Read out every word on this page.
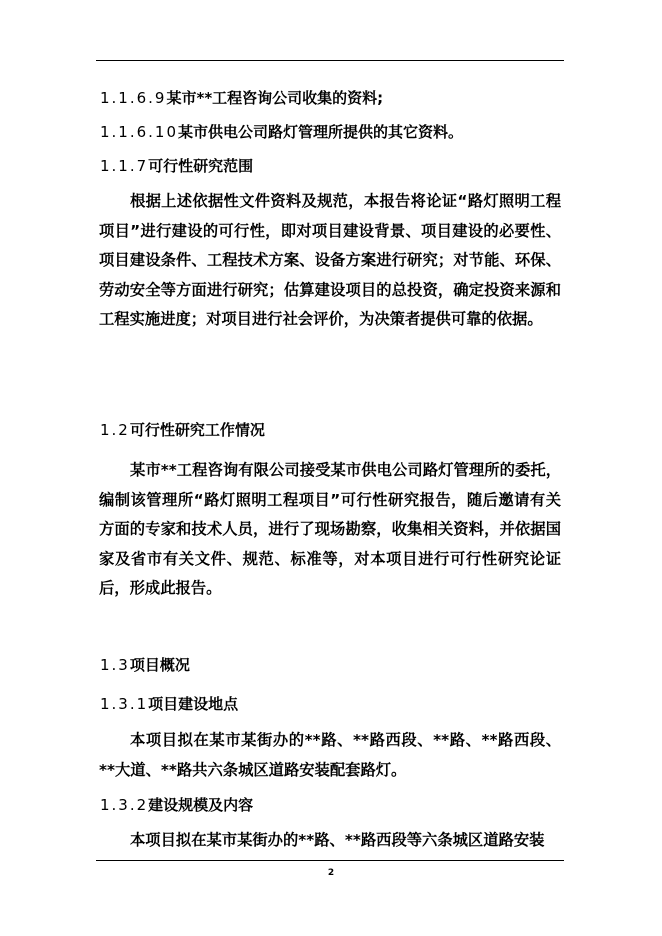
1.1.6.9某市**工程咨询公司收集的资料;
1.1.6.10某市供电公司路灯管理所提供的其它资料。
1.1.7可行性研究范围

根据上述依据性文件资料及规范，本报告将论证“路灯照明工程项目”进行建设的可行性，即对项目建设背景、项目建设的必要性、项目建设条件、工程技术方案、设备方案进行研究；对节能、环保、劳动安全等方面进行研究；估算建设项目的总投资，确定投资来源和工程实施进度；对项目进行社会评价，为决策者提供可靠的依据。

1.2可行性研究工作情况

某市**工程咨询有限公司接受某市供电公司路灯管理所的委托，编制该管理所“路灯照明工程项目”可行性研究报告，随后邀请有关方面的专家和技术人员，进行了现场勘察，收集相关资料，并依据国家及省市有关文件、规范、标准等，对本项目进行可行性研究论证后，形成此报告。

1.3项目概况
1.3.1项目建设地点

本项目拟在某市某街办的**路、**路西段、**路、**路西段、**大道、**路共六条城区道路安装配套路灯。

1.3.2建设规模及内容

本项目拟在某市某街办的**路、**路西段等六条城区道路安装

2
